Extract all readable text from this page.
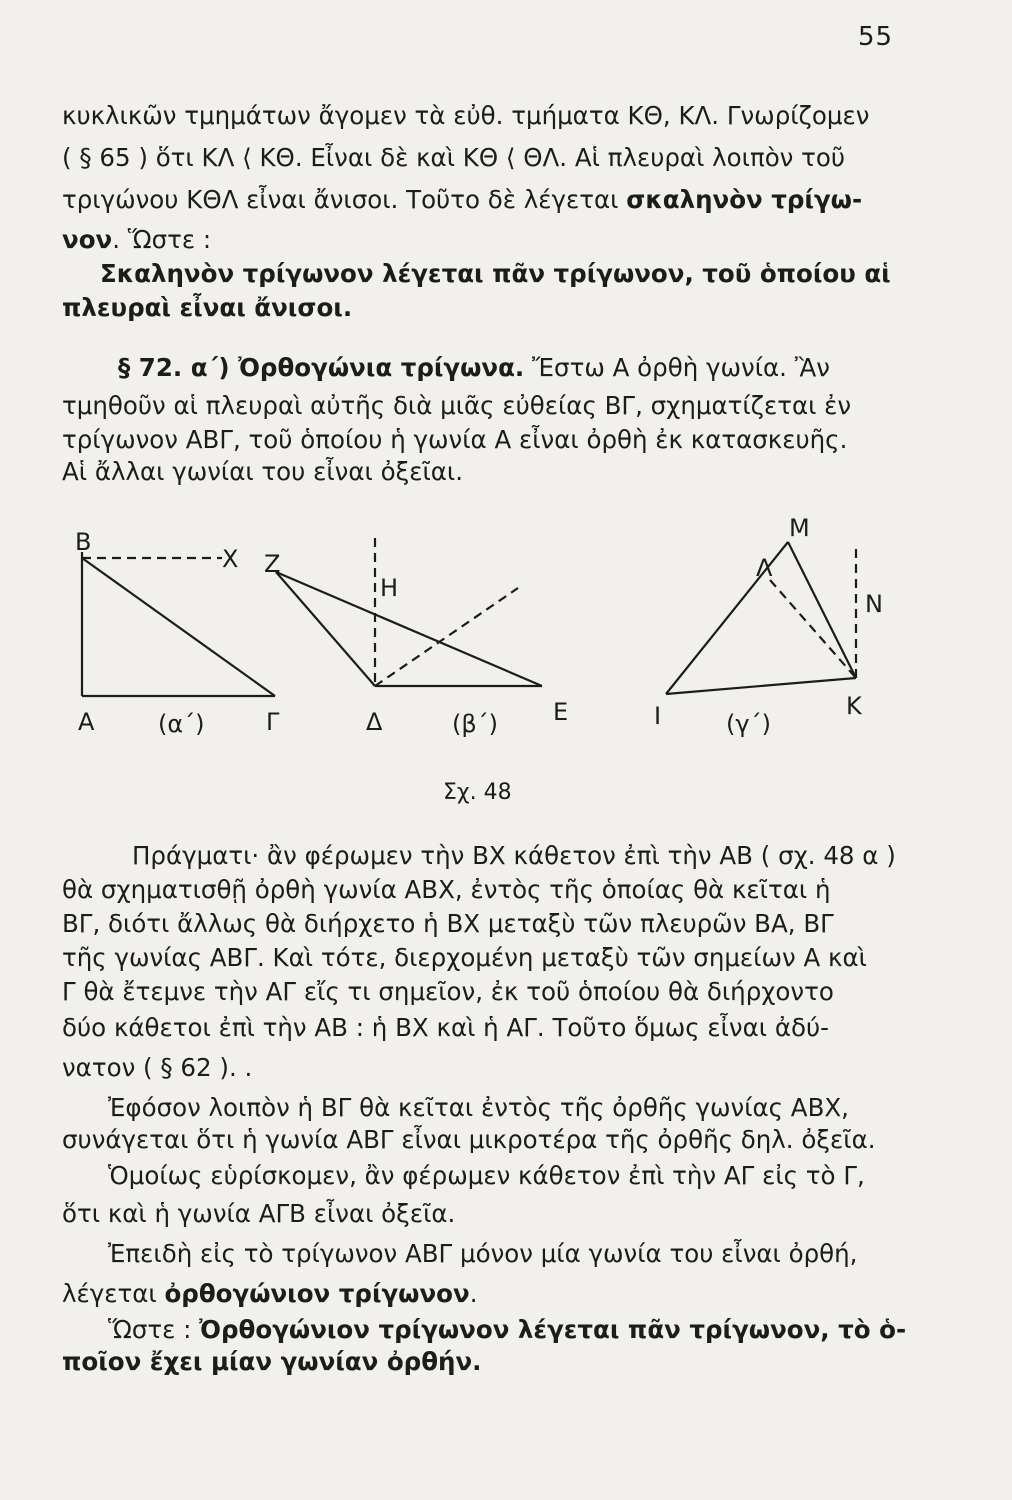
55
κυκλικῶν τμημάτων ἄγομεν τὰ εὐθ. τμήματα ΚΘ, ΚΛ. Γνωρίζομεν
( § 65 ) ὅτι ΚΛ ⟨ ΚΘ. Εἶναι δὲ καὶ ΚΘ ⟨ ΘΛ. Αἱ πλευραὶ λοιπὸν τοῦ
τριγώνου ΚΘΛ εἶναι ἄνισοι. Τοῦτο δὲ λέγεται σκαληνὸν τρίγω-
νον. Ὥστε :
Σκαληνὸν τρίγωνον λέγεται πᾶν τρίγωνον, τοῦ ὁποίου αἱ
πλευραὶ εἶναι ἄνισοι.
§ 72. α΄) Ὀρθογώνια τρίγωνα. Ἔστω Α ὀρθὴ γωνία. Ἂν
τμηθοῦν αἱ πλευραὶ αὐτῆς διὰ μιᾶς εὐθείας ΒΓ, σχηματίζεται ἐν
τρίγωνον ΑΒΓ, τοῦ ὁποίου ἡ γωνία Α εἶναι ὀρθὴ ἐκ κατασκευῆς.
Αἱ ἄλλαι γωνίαι του εἶναι ὀξεῖαι.
Β
Χ
Α	Γ
(α΄)
Ζ
Η
Δ	Ε
(β΄)
Μ
Λ
Ν
Ι	Κ
(γ΄)
Σχ. 48
Πράγματι· ἂν φέρωμεν τὴν ΒΧ κάθετον ἐπὶ τὴν ΑΒ ( σχ. 48 α )
θὰ σχηματισθῇ ὀρθὴ γωνία ΑΒΧ, ἐντὸς τῆς ὁποίας θὰ κεῖται ἡ
ΒΓ, διότι ἄλλως θὰ διήρχετο ἡ ΒΧ μεταξὺ τῶν πλευρῶν ΒΑ, ΒΓ
τῆς γωνίας ΑΒΓ. Καὶ τότε, διερχομένη μεταξὺ τῶν σημείων Α καὶ
Γ θὰ ἔτεμνε τὴν ΑΓ εἴς τι σημεῖον, ἐκ τοῦ ὁποίου θὰ διήρχοντο
δύο κάθετοι ἐπὶ τὴν ΑΒ : ἡ ΒΧ καὶ ἡ ΑΓ. Τοῦτο ὅμως εἶναι ἀδύ-
νατον ( § 62 ). .
Ἐφόσον λοιπὸν ἡ ΒΓ θὰ κεῖται ἐντὸς τῆς ὀρθῆς γωνίας ΑΒΧ,
συνάγεται ὅτι ἡ γωνία ΑΒΓ εἶναι μικροτέρα τῆς ὀρθῆς δηλ. ὀξεῖα.
Ὁμοίως εὑρίσκομεν, ἂν φέρωμεν κάθετον ἐπὶ τὴν ΑΓ εἰς τὸ Γ,
ὅτι καὶ ἡ γωνία ΑΓΒ εἶναι ὀξεῖα.
Ἐπειδὴ εἰς τὸ τρίγωνον ΑΒΓ μόνον μία γωνία του εἶναι ὀρθή,
λέγεται ὀρθογώνιον τρίγωνον.
Ὥστε : Ὀρθογώνιον τρίγωνον λέγεται πᾶν τρίγωνον, τὸ ὁ-
ποῖον ἔχει μίαν γωνίαν ὀρθήν.
